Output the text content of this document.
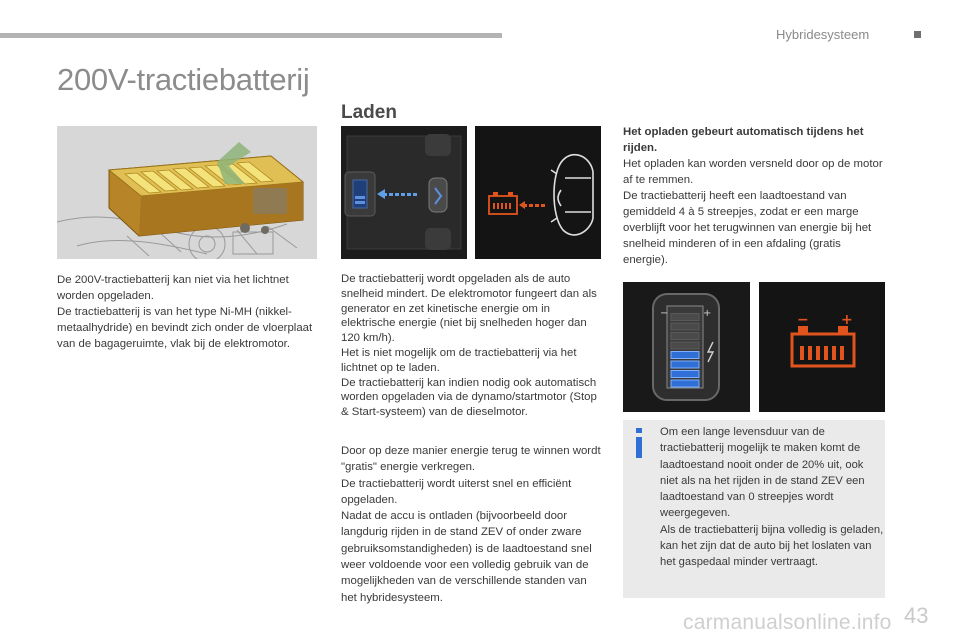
Hybridesysteem
200V-tractiebatterij
Laden
−	+	− +

De 200V-tractiebatterij kan niet via het lichtnet worden opgeladen.

De tractiebatterij is van het type Ni-MH (nikkel-metaalhydride) en bevindt zich onder de vloerplaat van de bagageruimte, vlak bij de elektromotor.

De tractiebatterij wordt opgeladen als de auto snelheid mindert. De elektromotor fungeert dan als generator en zet kinetische energie om in elektrische energie (niet bij snelheden hoger dan 120 km/h).

Het is niet mogelijk om de tractiebatterij via het lichtnet op te laden.

De tractiebatterij kan indien nodig ook automatisch worden opgeladen via de dynamo/startmotor (Stop & Start-systeem) van de dieselmotor.

Door op deze manier energie terug te winnen wordt "gratis" energie verkregen.

De tractiebatterij wordt uiterst snel en efficiënt opgeladen.

Nadat de accu is ontladen (bijvoorbeeld door langdurig rijden in de stand ZEV of onder zware gebruiksomstandigheden) is de laadtoestand snel weer voldoende voor een volledig gebruik van de mogelijkheden van de verschillende standen van het hybridesysteem.

Het opladen gebeurt automatisch tijdens het rijden.

Het opladen kan worden versneld door op de motor af te remmen.

De tractiebatterij heeft een laadtoestand van gemiddeld 4 à 5 streepjes, zodat er een marge overblijft voor het terugwinnen van energie bij het snelheid minderen of in een afdaling (gratis energie).

Om een lange levensduur van de tractiebatterij mogelijk te maken komt de laadtoestand nooit onder de 20% uit, ook niet als na het rijden in de stand ZEV een laadtoestand van 0 streepjes wordt weergegeven.

Als de tractiebatterij bijna volledig is geladen, kan het zijn dat de auto bij het loslaten van het gaspedaal minder vertraagt.

carmanualsonline.info 43
